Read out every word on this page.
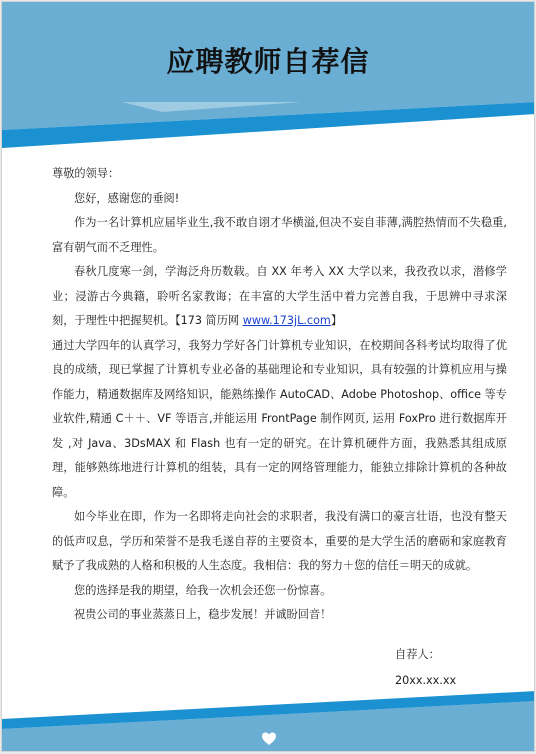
应聘教师自荐信

尊敬的领导：

您好，感谢您的垂阅!

作为一名计算机应届毕业生,我不敢自诩才华横溢,但决不妄自菲薄,满腔热情而不失稳重,富有朝气而不乏理性。

春秋几度寒一剑，学海泛舟历数载。自 XX 年考入 XX 大学以来，我孜孜以求，潜修学业；浸游古今典籍，聆听名家教诲；在丰富的大学生活中着力完善自我，于思辨中寻求深刻，于理性中把握契机。【173 简历网 www.173jL.com】

通过大学四年的认真学习，我努力学好各门计算机专业知识，在校期间各科考试均取得了优良的成绩，现已掌握了计算机专业必备的基础理论和专业知识，具有较强的计算机应用与操作能力，精通数据库及网络知识，能熟练操作 AutoCAD、Adobe Photoshop、office 等专业软件,精通 C＋＋、VF 等语言,并能运用 FrontPage 制作网页, 运用 FoxPro 进行数据库开发 ,对 Java、3DsMAX 和 Flash 也有一定的研究。在计算机硬件方面，我熟悉其组成原理，能够熟练地进行计算机的组装，具有一定的网络管理能力，能独立排除计算机的各种故障。

如今毕业在即，作为一名即将走向社会的求职者，我没有满口的豪言壮语，也没有整天的低声叹息，学历和荣誉不是我毛遂自荐的主要资本，重要的是大学生活的磨砺和家庭教育赋予了我成熟的人格和积极的人生态度。我相信：我的努力＋您的信任＝明天的成就。

您的选择是我的期望，给我一次机会还您一份惊喜。

祝贵公司的事业蒸蒸日上，稳步发展！并诚盼回音！

自荐人：
20xx.xx.xx
